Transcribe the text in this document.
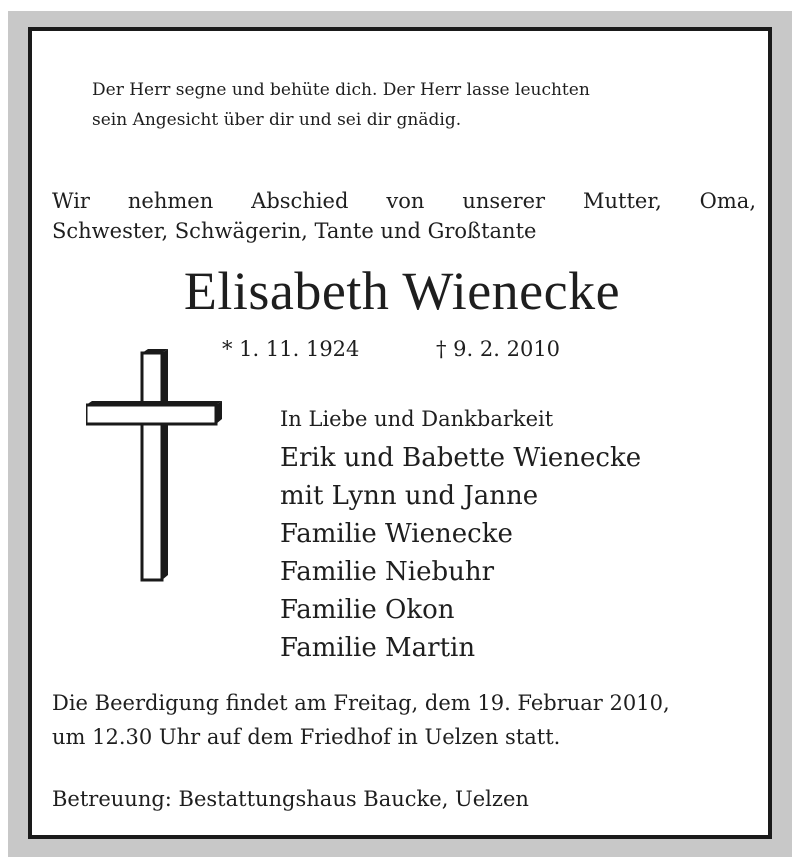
Der Herr segne und behüte dich. Der Herr lasse leuchten
sein Angesicht über dir und sei dir gnädig.
Wir nehmen Abschied von unserer Mutter, Oma,
Schwester, Schwägerin, Tante und Großtante
Elisabeth Wienecke
* 1. 11. 1924	† 9. 2. 2010
In Liebe und Dankbarkeit
Erik und Babette Wienecke
mit Lynn und Janne
Familie Wienecke
Familie Niebuhr
Familie Okon
Familie Martin
Die Beerdigung findet am Freitag, dem 19. Februar 2010,
um 12.30 Uhr auf dem Friedhof in Uelzen statt.
Betreuung: Bestattungshaus Baucke, Uelzen
